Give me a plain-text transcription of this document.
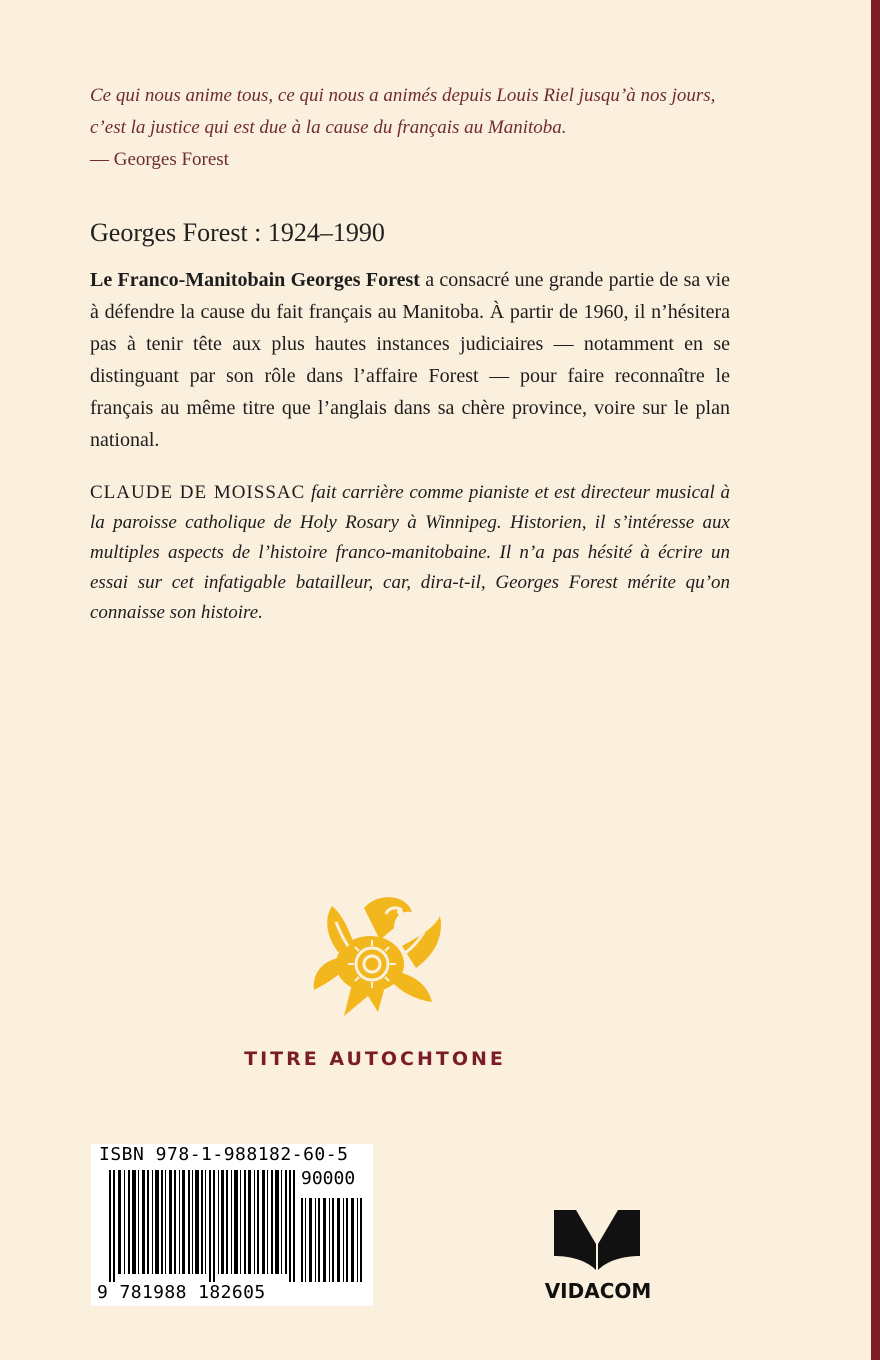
Ce qui nous anime tous, ce qui nous a animés depuis Louis Riel jusqu’à nos jours, c’est la justice qui est due à la cause du français au Manitoba.
— Georges Forest
Georges Forest : 1924–1990
Le Franco-Manitobain Georges Forest a consacré une grande partie de sa vie à défendre la cause du fait français au Manitoba. À partir de 1960, il n’hésitera pas à tenir tête aux plus hautes instances judiciaires — notamment en se distinguant par son rôle dans l’affaire Forest — pour faire reconnaître le français au même titre que l’anglais dans sa chère province, voire sur le plan national.
CLAUDE DE MOISSAC fait carrière comme pianiste et est directeur musical à la paroisse catholique de Holy Rosary à Winnipeg. Historien, il s’intéresse aux multiples aspects de l’histoire franco-manitobaine. Il n’a pas hésité à écrire un essai sur cet infatigable batailleur, car, dira-t-il, Georges Forest mérite qu’on connaisse son histoire.
TITRE AUTOCHTONE
ISBN 978-1-988182-60-5
90000
9 781988 182605	VIDACOM
